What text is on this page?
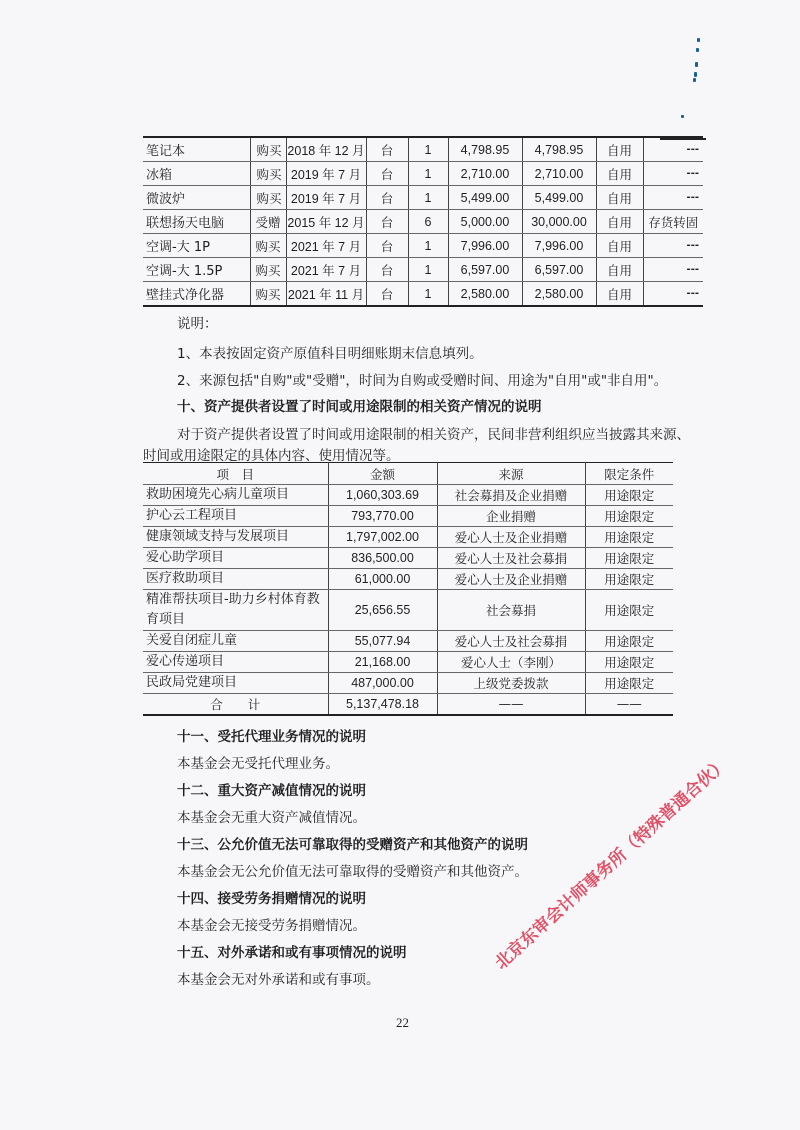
笔记本	购买	2018 年 12 月	台	1	4,798.95	4,798.95	自用	---
冰箱	购买	2019 年 7 月	台	1	2,710.00	2,710.00	自用	---
微波炉	购买	2019 年 7 月	台	1	5,499.00	5,499.00	自用	---
联想扬天电脑	受赠	2015 年 12 月	台	6	5,000.00	30,000.00	自用	存货转固
空调-大 1P	购买	2021 年 7 月	台	1	7,996.00	7,996.00	自用	---
空调-大 1.5P	购买	2021 年 7 月	台	1	6,597.00	6,597.00	自用	---
壁挂式净化器	购买	2021 年 11 月	台	1	2,580.00	2,580.00	自用	---
说明：
1、本表按固定资产原值科目明细账期末信息填列。
2、来源包括"自购"或"受赠"，时间为自购或受赠时间、用途为"自用"或"非自用"。
十、资产提供者设置了时间或用途限制的相关资产情况的说明
对于资产提供者设置了时间或用途限制的相关资产，民间非营利组织应当披露其来源、
时间或用途限定的具体内容、使用情况等。
项　目	金额	来源	限定条件
救助困境先心病儿童项目	1,060,303.69	社会募捐及企业捐赠	用途限定
护心云工程项目	793,770.00	企业捐赠	用途限定
健康领域支持与发展项目	1,797,002.00	爱心人士及企业捐赠	用途限定
爱心助学项目	836,500.00	爱心人士及社会募捐	用途限定
医疗救助项目	61,000.00	爱心人士及企业捐赠	用途限定
精准帮扶项目-助力乡村体育教育项目	25,656.55	社会募捐	用途限定
关爱自闭症儿童	55,077.94	爱心人士及社会募捐	用途限定
爱心传递项目	21,168.00	爱心人士（李刚）	用途限定
民政局党建项目	487,000.00	上级党委拨款	用途限定
合　　计	5,137,478.18	——	——
十一、受托代理业务情况的说明
本基金会无受托代理业务。
十二、重大资产减值情况的说明
本基金会无重大资产减值情况。
十三、公允价值无法可靠取得的受赠资产和其他资产的说明
本基金会无公允价值无法可靠取得的受赠资产和其他资产。
十四、接受劳务捐赠情况的说明
本基金会无接受劳务捐赠情况。
十五、对外承诺和或有事项情况的说明
本基金会无对外承诺和或有事项。
北京东审会计师事务所（特殊普通合伙）
22
